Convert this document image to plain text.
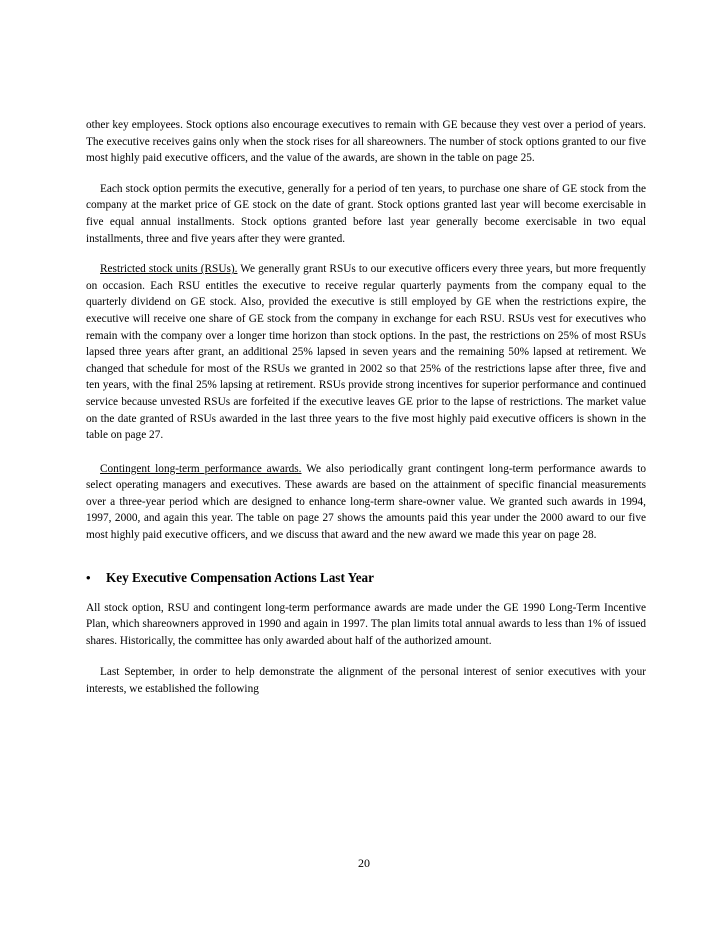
other key employees. Stock options also encourage executives to remain with GE because they vest over a period of years. The executive receives gains only when the stock rises for all shareowners. The number of stock options granted to our five most highly paid executive officers, and the value of the awards, are shown in the table on page 25.

Each stock option permits the executive, generally for a period of ten years, to purchase one share of GE stock from the company at the market price of GE stock on the date of grant. Stock options granted last year will become exercisable in five equal annual installments. Stock options granted before last year generally become exercisable in two equal installments, three and five years after they were granted.

Restricted stock units (RSUs). We generally grant RSUs to our executive officers every three years, but more frequently on occasion. Each RSU entitles the executive to receive regular quarterly payments from the company equal to the quarterly dividend on GE stock. Also, provided the executive is still employed by GE when the restrictions expire, the executive will receive one share of GE stock from the company in exchange for each RSU. RSUs vest for executives who remain with the company over a longer time horizon than stock options. In the past, the restrictions on 25% of most RSUs lapsed three years after grant, an additional 25% lapsed in seven years and the remaining 50% lapsed at retirement. We changed that schedule for most of the RSUs we granted in 2002 so that 25% of the restrictions lapse after three, five and ten years, with the final 25% lapsing at retirement. RSUs provide strong incentives for superior performance and continued service because unvested RSUs are forfeited if the executive leaves GE prior to the lapse of restrictions. The market value on the date granted of RSUs awarded in the last three years to the five most highly paid executive officers is shown in the table on page 27.

Contingent long-term performance awards. We also periodically grant contingent long-term performance awards to select operating managers and executives. These awards are based on the attainment of specific financial measurements over a three-year period which are designed to enhance long-term share-owner value. We granted such awards in 1994, 1997, 2000, and again this year. The table on page 27 shows the amounts paid this year under the 2000 award to our five most highly paid executive officers, and we discuss that award and the new award we made this year on page 28.

•	Key Executive Compensation Actions Last Year

All stock option, RSU and contingent long-term performance awards are made under the GE 1990 Long-Term Incentive Plan, which shareowners approved in 1990 and again in 1997. The plan limits total annual awards to less than 1% of issued shares. Historically, the committee has only awarded about half of the authorized amount.

Last September, in order to help demonstrate the alignment of the personal interest of senior executives with your interests, we established the following

20
